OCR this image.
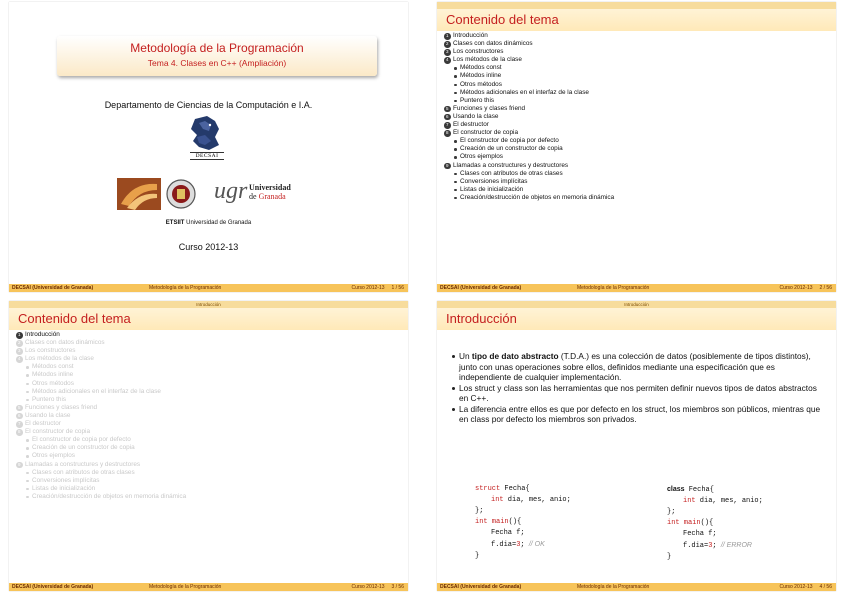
Metodología de la Programación
Tema 4. Clases en C++ (Ampliación)
Departamento de Ciencias de la Computación e I.A.
DECSAI
ugr Universidad
de Granada
ETSIIT Universidad de Granada
Curso 2012-13
DECSAI (Universidad de Granada)	Metodología de la Programación	Curso 2012-13 1 / 56
Contenido del tema
1 Introducción
2 Clases con datos dinámicos
3 Los constructores
4 Los métodos de la clase
Métodos const
Métodos inline
Otros métodos
Métodos adicionales en el interfaz de la clase
Puntero this
5 Funciones y clases friend
6 Usando la clase
7 El destructor
8 El constructor de copia
El constructor de copia por defecto
Creación de un constructor de copia
Otros ejemplos
9 Llamadas a constructures y destructores
Clases con atributos de otras clases
Conversiones implícitas
Listas de inicialización
Creación/destrucción de objetos en memoria dinámica
DECSAI (Universidad de Granada)	Metodología de la Programación	Curso 2012-13 2 / 56
Introducción
Contenido del tema
1 Introducción
2 Clases con datos dinámicos
3 Los constructores
4 Los métodos de la clase
Métodos const
Métodos inline
Otros métodos
Métodos adicionales en el interfaz de la clase
Puntero this
5 Funciones y clases friend
6 Usando la clase
7 El destructor
8 El constructor de copia
El constructor de copia por defecto
Creación de un constructor de copia
Otros ejemplos
9 Llamadas a constructures y destructores
Clases con atributos de otras clases
Conversiones implícitas
Listas de inicialización
Creación/destrucción de objetos en memoria dinámica
DECSAI (Universidad de Granada)	Metodología de la Programación	Curso 2012-13 3 / 56
Introducción
Introducción
Un tipo de dato abstracto (T.D.A.) es una colección de datos (posiblemente de tipos distintos), junto con unas operaciones sobre ellos, definidos mediante una especificación que es independiente de cualquier implementación.
Los struct y class son las herramientas que nos permiten definir nuevos tipos de datos abstractos en C++.
La diferencia entre ellos es que por defecto en los struct, los miembros son públicos, mientras que en class por defecto los miembros son privados.
struct Fecha{
int dia, mes, anio;
};
int main(){
Fecha f;
f.dia=3; // OK
}
class Fecha{
int dia, mes, anio;
};
int main(){
Fecha f;
f.dia=3; // ERROR
}
DECSAI (Universidad de Granada)	Metodología de la Programación	Curso 2012-13 4 / 56
